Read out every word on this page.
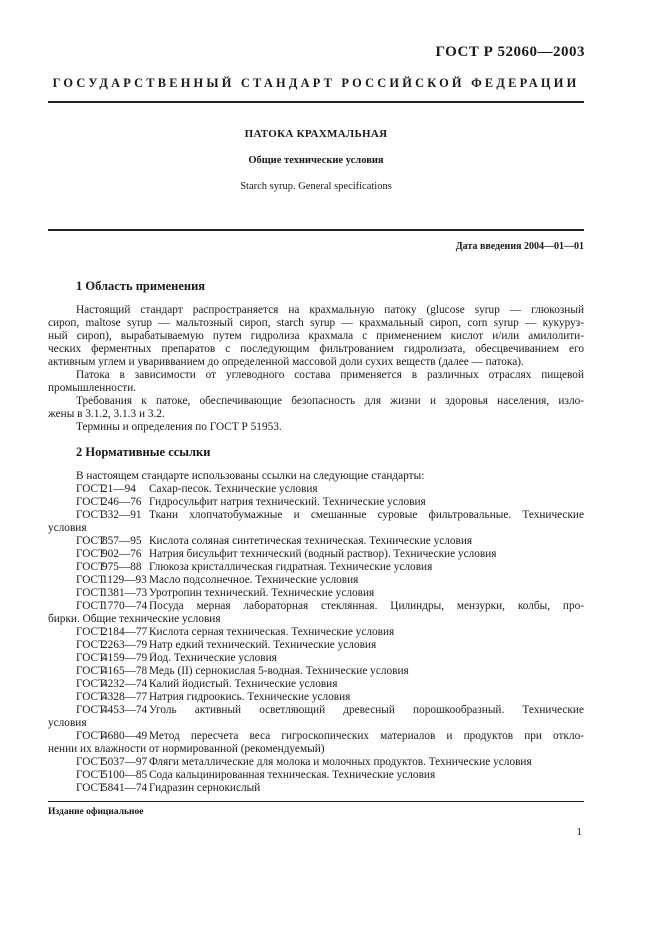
ГОСТ Р 52060—2003
ГОСУДАРСТВЕННЫЙ СТАНДАРТ РОССИЙСКОЙ ФЕДЕРАЦИИ
ПАТОКА КРАХМАЛЬНАЯ
Общие технические условия
Starch syrup. General specifications
Дата введения 2004—01—01
1 Область применения
Настоящий стандарт распространяется на крахмальную патоку (glucose syrup — глюкозный
сироп, maltose syrup — мальтозный сироп, starch syrup — крахмальный сироп, corn syrup — кукуруз-
ный сироп), вырабатываемую путем гидролиза крахмала с применением кислот и/или амилолити-
ческих ферментных препаратов с последующим фильтрованием гидролизата, обесцвечиванием его
активным углем и уваривванием до определенной массовой доли сухих веществ (далее — патока).
Патока в зависимости от углеводного состава применяется в различных отраслях пищевой
промышленности.
Требования к патоке, обеспечивающие безопасность для жизни и здоровья населения, изло-
жены в 3.1.2, 3.1.3 и 3.2.
Термины и определения по ГОСТ Р 51953.
2 Нормативные ссылки
В настоящем стандарте использованы ссылки на следующие стандарты:
ГОСТ
21—94	Сахар-песок. Технические условия
ГОСТ
246—76 Гидросульфит натрия технический. Технические условия
ГОСТ
332—91 Ткани хлопчатобумажные и смешанные суровые фильтровальные. Технические
условия
ГОСТ
857—95 Кислота соляная синтетическая техническая. Технические условия
ГОСТ
902—76 Натрия бисульфит технический (водный раствор). Технические условия
ГОСТ
975—88 Глюкоза кристаллическая гидратная. Технические условия
ГОСТ
1129—93 Масло подсолнечное. Технические условия
ГОСТ
1381—73 Уротропин технический. Технические условия
ГОСТ
1770—74 Посуда мерная лабораторная стеклянная. Цилиндры, мензурки, колбы, про-
бирки. Общие технические условия
ГОСТ
2184—77 Кислота серная техническая. Технические условия
ГОСТ
2263—79 Натр едкий технический. Технические условия
ГОСТ
4159—79 Йод. Технические условия
ГОСТ
4165—78 Медь (II) сернокислая 5-водная. Технические условия
ГОСТ
4232—74 Калий йодистый. Технические условия
ГОСТ
4328—77 Натрия гидроокись. Технические условия
ГОСТ
4453—74 Уголь активный осветляющий древесный порошкообразный. Технические
условия
ГОСТ
4680—49 Метод пересчета веса гигроскопических материалов и продуктов при отклo-
нении их влажности от нормированной (рекомендуемый)
ГОСТ
5037—97 Фляги металлические для молока и молочных продуктов. Технические условия
ГОСТ
5100—85 Сода кальцинированная техническая. Технические условия
ГОСТ
5841—74 Гидразин сернокислый
Издание официальное
1
